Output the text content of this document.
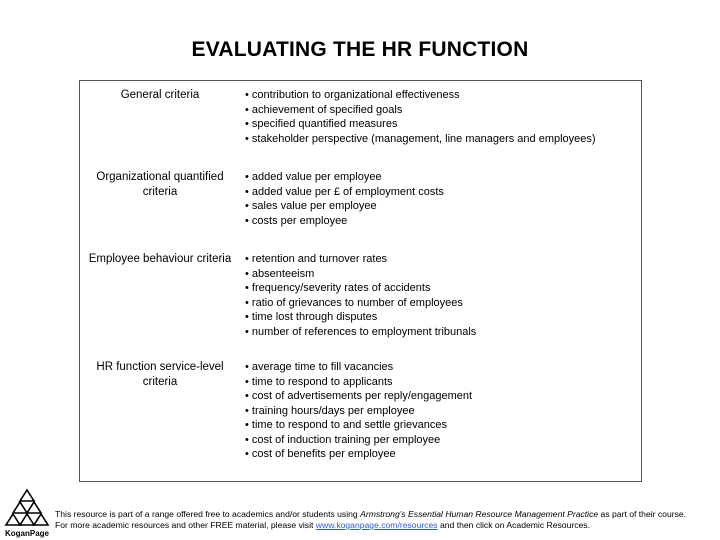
EVALUATING THE HR FUNCTION
General criteria	• contribution to organizational effectiveness
• achievement of specified goals
• specified quantified measures
• stakeholder perspective (management, line managers and employees)
Organizational quantified criteria
• added value per employee
• added value per £ of employment costs
• sales value per employee
• costs per employee
Employee behaviour criteria	• retention and turnover rates
• absenteeism
• frequency/severity rates of accidents
• ratio of grievances to number of employees
• time lost through disputes
• number of references to employment tribunals
HR function service-level criteria
• average time to fill vacancies
• time to respond to applicants
• cost of advertisements per reply/engagement
• training hours/days per employee
• time to respond to and settle grievances
• cost of induction training per employee
• cost of benefits per employee
KoganPage
This resource is part of a range offered free to academics and/or students using Armstrong's Essential Human Resource Management Practice as part of their course.
For more academic resources and other FREE material, please visit www.koganpage.com/resources and then click on Academic Resources.
